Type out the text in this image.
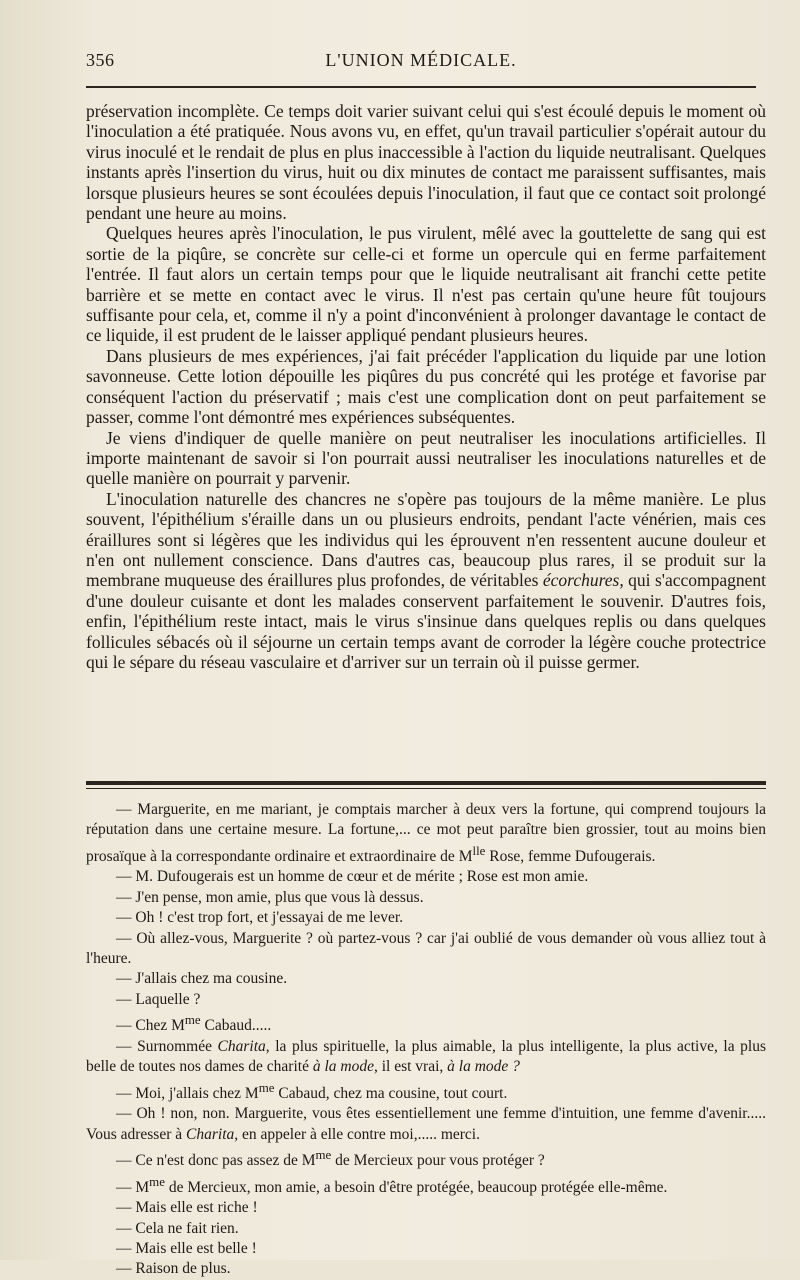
356	L'UNION MÉDICALE.

préservation incomplète. Ce temps doit varier suivant celui qui s'est écoulé depuis le moment où l'inoculation a été pratiquée. Nous avons vu, en effet, qu'un travail particulier s'opérait autour du virus inoculé et le rendait de plus en plus inaccessible à l'action du liquide neutralisant. Quelques instants après l'insertion du virus, huit ou dix minutes de contact me paraissent suffisantes, mais lorsque plusieurs heures se sont écoulées depuis l'inoculation, il faut que ce contact soit prolongé pendant une heure au moins.

Quelques heures après l'inoculation, le pus virulent, mêlé avec la gouttelette de sang qui est sortie de la piqûre, se concrète sur celle-ci et forme un opercule qui en ferme parfaitement l'entrée. Il faut alors un certain temps pour que le liquide neutralisant ait franchi cette petite barrière et se mette en contact avec le virus. Il n'est pas certain qu'une heure fût toujours suffisante pour cela, et, comme il n'y a point d'inconvénient à prolonger davantage le contact de ce liquide, il est prudent de le laisser appliqué pendant plusieurs heures.

Dans plusieurs de mes expériences, j'ai fait précéder l'application du liquide par une lotion savonneuse. Cette lotion dépouille les piqûres du pus concrété qui les protége et favorise par conséquent l'action du préservatif ; mais c'est une complication dont on peut parfaitement se passer, comme l'ont démontré mes expériences subséquentes.

Je viens d'indiquer de quelle manière on peut neutraliser les inoculations artificielles. Il importe maintenant de savoir si l'on pourrait aussi neutraliser les inoculations naturelles et de quelle manière on pourrait y parvenir.

L'inoculation naturelle des chancres ne s'opère pas toujours de la même manière. Le plus souvent, l'épithélium s'éraille dans un ou plusieurs endroits, pendant l'acte vénérien, mais ces éraillures sont si légères que les individus qui les éprouvent n'en ressentent aucune douleur et n'en ont nullement conscience. Dans d'autres cas, beaucoup plus rares, il se produit sur la membrane muqueuse des éraillures plus profondes, de véritables écorchures, qui s'accompagnent d'une douleur cuisante et dont les malades conservent parfaitement le souvenir. D'autres fois, enfin, l'épithélium reste intact, mais le virus s'insinue dans quelques replis ou dans quelques follicules sébacés où il séjourne un certain temps avant de corroder la légère couche protectrice qui le sépare du réseau vasculaire et d'arriver sur un terrain où il puisse germer.

— Marguerite, en me mariant, je comptais marcher à deux vers la fortune, qui comprend toujours la réputation dans une certaine mesure. La fortune,... ce mot peut paraître bien grossier, tout au moins bien prosaïque à la correspondante ordinaire et extraordinaire de $M^{lle}$ Rose, femme Dufougerais.

— M. Dufougerais est un homme de cœur et de mérite ; Rose est mon amie.

— J'en pense, mon amie, plus que vous là dessus.

— Oh ! c'est trop fort, et j'essayai de me lever.

— Où allez-vous, Marguerite ? où partez-vous ? car j'ai oublié de vous demander où vous alliez tout à l'heure.

— J'allais chez ma cousine.

— Laquelle ?

— Chez $M^{me}$ Cabaud.....

— Surnommée Charita, la plus spirituelle, la plus aimable, la plus intelligente, la plus active, la plus belle de toutes nos dames de charité à la mode, il est vrai, à la mode ?

— Moi, j'allais chez $M^{me}$ Cabaud, chez ma cousine, tout court.

— Oh ! non, non. Marguerite, vous êtes essentiellement une femme d'intuition, une femme d'avenir..... Vous adresser à Charita, en appeler à elle contre moi,..... merci.

— Ce n'est donc pas assez de $M^{me}$ de Mercieux pour vous protéger ?

— $M^{me}$ de Mercieux, mon amie, a besoin d'être protégée, beaucoup protégée elle-même.

— Mais elle est riche !

— Cela ne fait rien.

— Mais elle est belle !

— Raison de plus.
